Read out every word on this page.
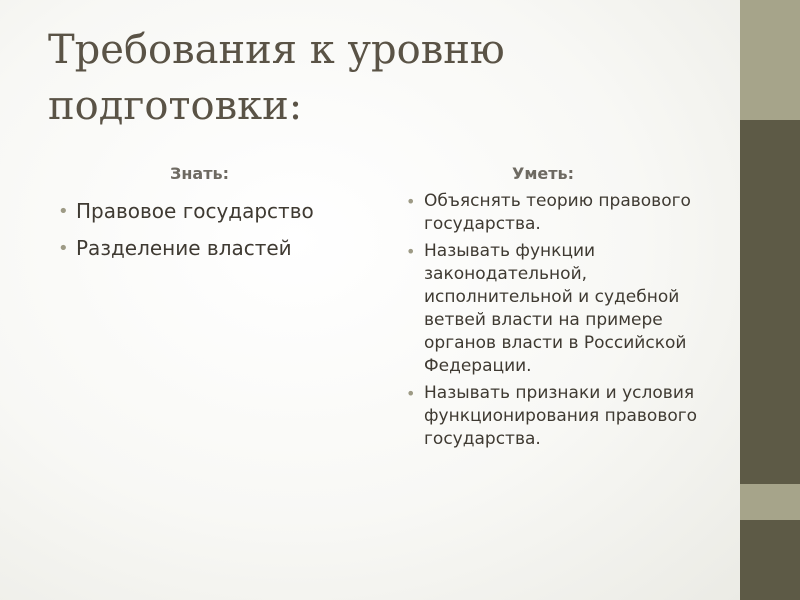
Требования к уровню
подготовки:
Знать:	Уметь:
• Правовое государство
• Разделение властей
• Объяснять теорию правового государства.
• Называть функции законодательной, исполнительной и судебной ветвей власти на примере органов власти в Российской Федерации.
• Называть признаки и условия функционирования правового государства.
